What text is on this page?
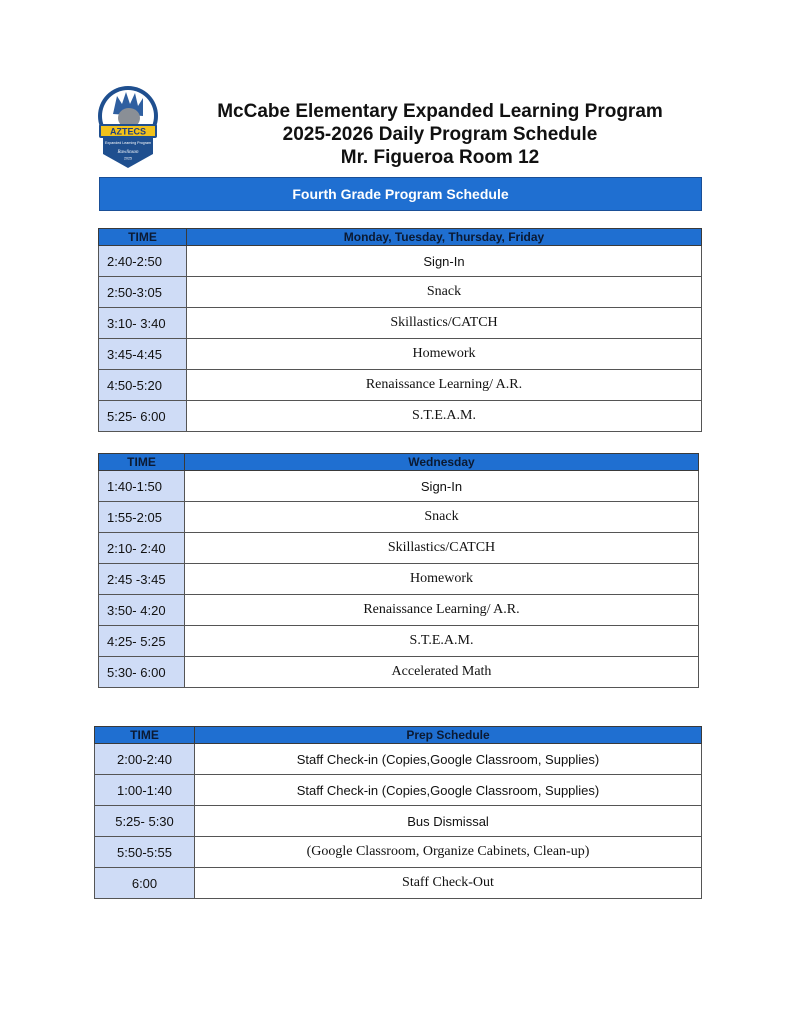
AZTECS
Expanded Learning Program
Rawlinson
2025
McCabe Elementary Expanded Learning Program
2025-2026 Daily Program Schedule
Mr. Figueroa Room 12
Fourth Grade Program Schedule
TIME	Monday, Tuesday, Thursday, Friday
2:40-2:50	Sign-In
2:50-3:05	Snack
3:10- 3:40	Skillastics/CATCH
3:45-4:45	Homework
4:50-5:20	Renaissance Learning/ A.R.
5:25- 6:00	S.T.E.A.M.
TIME	Wednesday
1:40-1:50	Sign-In
1:55-2:05	Snack
2:10- 2:40	Skillastics/CATCH
2:45 -3:45	Homework
3:50- 4:20	Renaissance Learning/ A.R.
4:25- 5:25	S.T.E.A.M.
5:30- 6:00	Accelerated Math
TIME	Prep Schedule
2:00-2:40	Staff Check-in (Copies,Google Classroom, Supplies)
1:00-1:40	Staff Check-in (Copies,Google Classroom, Supplies)
5:25- 5:30	Bus Dismissal
5:50-5:55	(Google Classroom, Organize Cabinets, Clean-up)
6:00	Staff Check-Out
